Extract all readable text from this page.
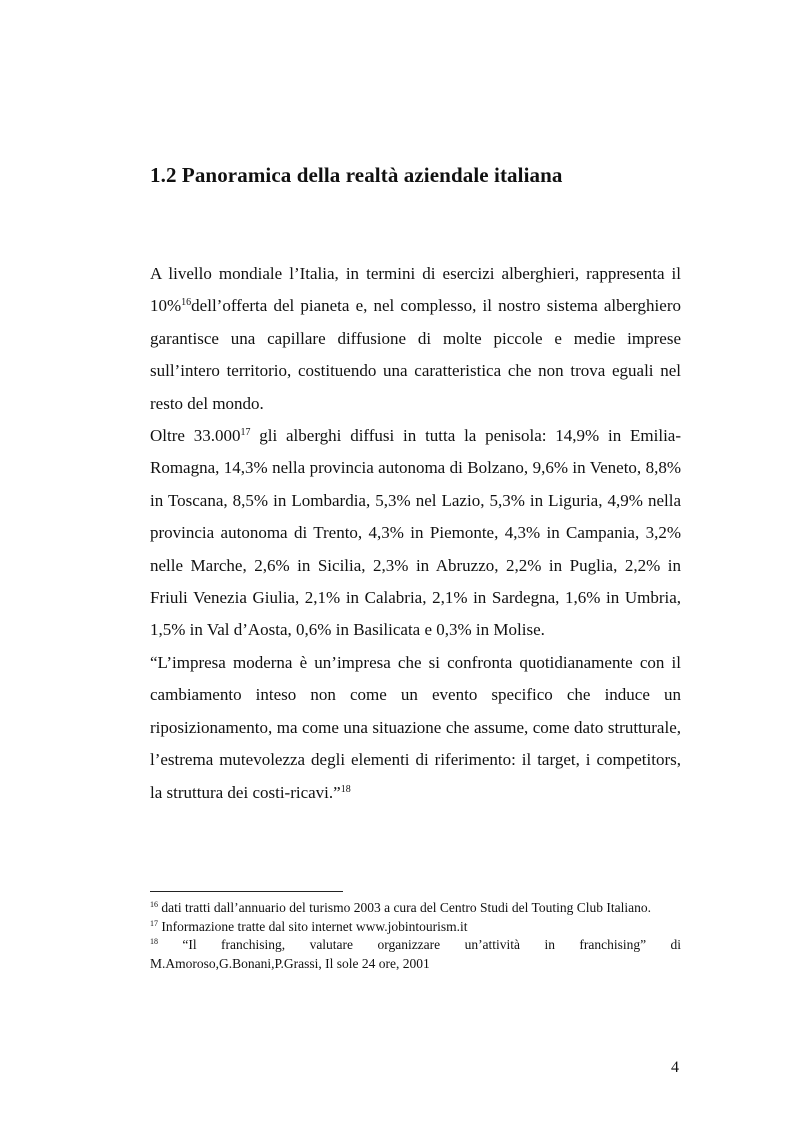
1.2 Panoramica della realtà aziendale italiana

A livello mondiale l’Italia, in termini di esercizi alberghieri, rappresenta il 10%$^{16}$dell’offerta del pianeta e, nel complesso, il nostro sistema alberghiero garantisce una capillare diffusione di molte piccole e medie imprese sull’intero territorio, costituendo una caratteristica che non trova eguali nel resto del mondo.

Oltre 33.000$^{17}$ gli alberghi diffusi in tutta la penisola: 14,9% in Emilia-Romagna, 14,3% nella provincia autonoma di Bolzano, 9,6% in Veneto, 8,8% in Toscana, 8,5% in Lombardia, 5,3% nel Lazio, 5,3% in Liguria, 4,9% nella provincia autonoma di Trento, 4,3% in Piemonte, 4,3% in Campania, 3,2% nelle Marche, 2,6% in Sicilia, 2,3% in Abruzzo, 2,2% in Puglia, 2,2% in Friuli Venezia Giulia, 2,1% in Calabria, 2,1% in Sardegna, 1,6% in Umbria, 1,5% in Val d’Aosta, 0,6% in Basilicata e 0,3% in Molise.

“L’impresa moderna è un’impresa che si confronta quotidianamente con il cambiamento inteso non come un evento specifico che induce un riposizionamento, ma come una situazione che assume, come dato strutturale, l’estrema mutevolezza degli elementi di riferimento: il target, i competitors, la struttura dei costi-ricavi.”$^{18}$

$^{16}$ dati tratti dall’annuario del turismo 2003 a cura del Centro Studi del Touting Club Italiano.

$^{17}$ Informazione tratte dal sito internet www.jobintourism.it

$^{18}$ “Il franchising, valutare organizzare un’attività in franchising” di M.Amoroso,G.Bonani,P.Grassi, Il sole 24 ore, 2001

4
